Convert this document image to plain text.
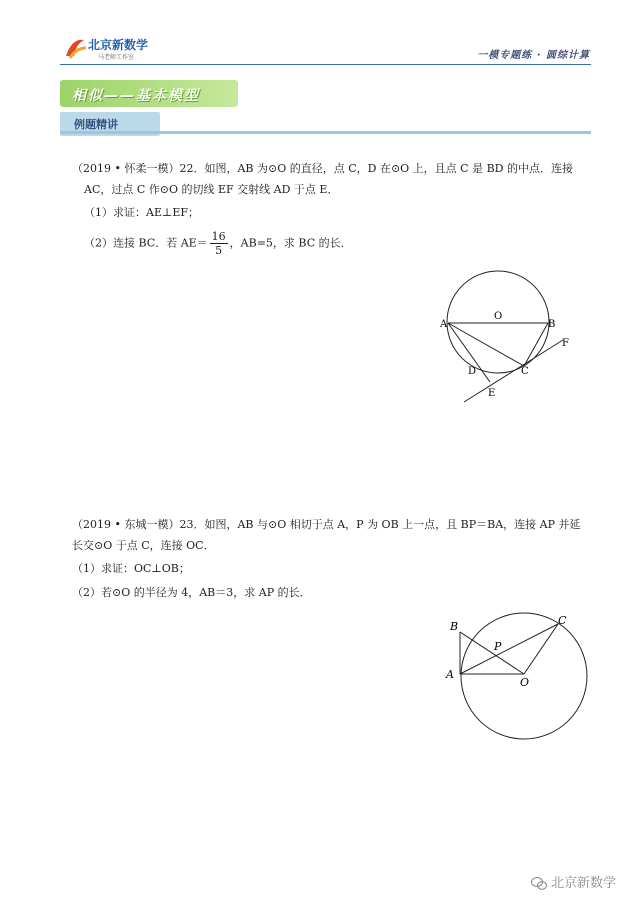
北京新数学
马老师工作室	一模专题练 · 圆综计算
相似——基本模型
例题精讲
（2019 • 怀柔一模）22．如图，AB 为⊙O 的直径，点 C，D 在⊙O 上，且点 C 是 BD 的中点．连接
AC，过点 C 作⊙O 的切线 EF 交射线 AD 于点 E．
（1）求证：AE⊥EF；
（2）连接 BC．若 $AE= \frac{16}{5}$ ，AB=5，求 BC 的长．
A
O
B
F
D	C
E
（2019 • 东城一模）23．如图，AB 与⊙O 相切于点 A，P 为 OB 上一点，且 BP＝BA，连接 AP 并延
长交⊙O 于点 C，连接 OC．
（1）求证：OC⊥OB；
（2）若⊙O 的半径为 4，AB＝3，求 AP 的长．
B	C
P
A
O
北京新数学
